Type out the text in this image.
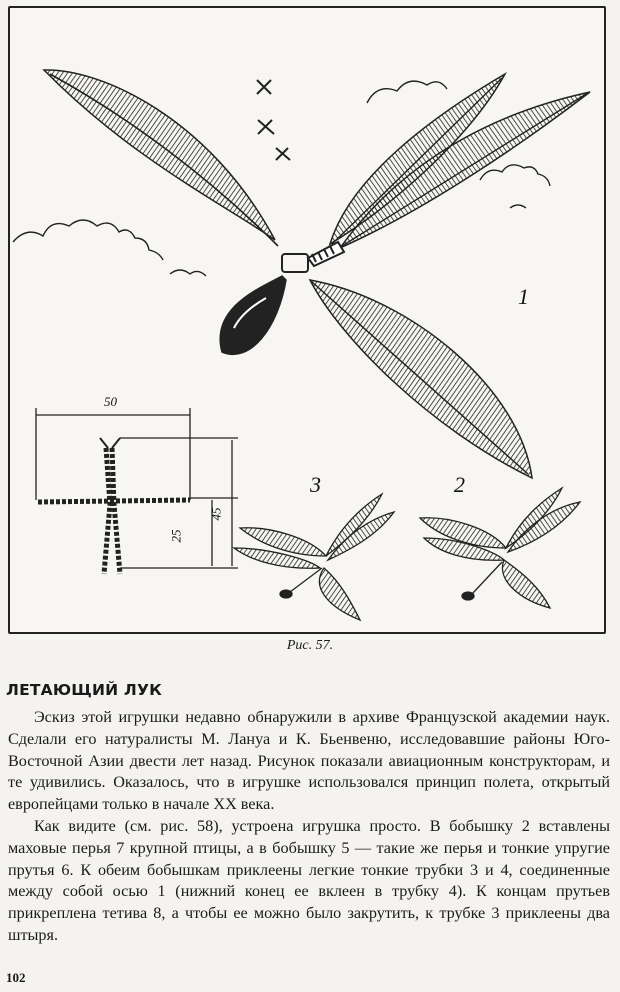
1
3	2
50
45
25
Рис. 57.
ЛЕТАЮЩИЙ ЛУК

Эскиз этой игрушки недавно обнаружили в архиве Французской академии наук. Сделали его натуралисты М. Лануа и К. Бьенвеню, исследовавшие районы Юго-Восточной Азии двести лет назад. Рисунок показали авиационным конструкторам, и те удивились. Оказалось, что в игрушке использовался принцип полета, открытый европейцами только в начале XX века.

Как видите (см. рис. 58), устроена игрушка просто. В бобышку 2 вставлены маховые перья 7 крупной птицы, а в бобышку 5 — такие же перья и тонкие упругие прутья 6. К обеим бобышкам приклеены легкие тонкие трубки 3 и 4, соединенные между собой осью 1 (нижний конец ее вклеен в трубку 4). К концам прутьев прикреплена тетива 8, а чтобы ее можно было закрутить, к трубке 3 приклеены два штыря.

102
